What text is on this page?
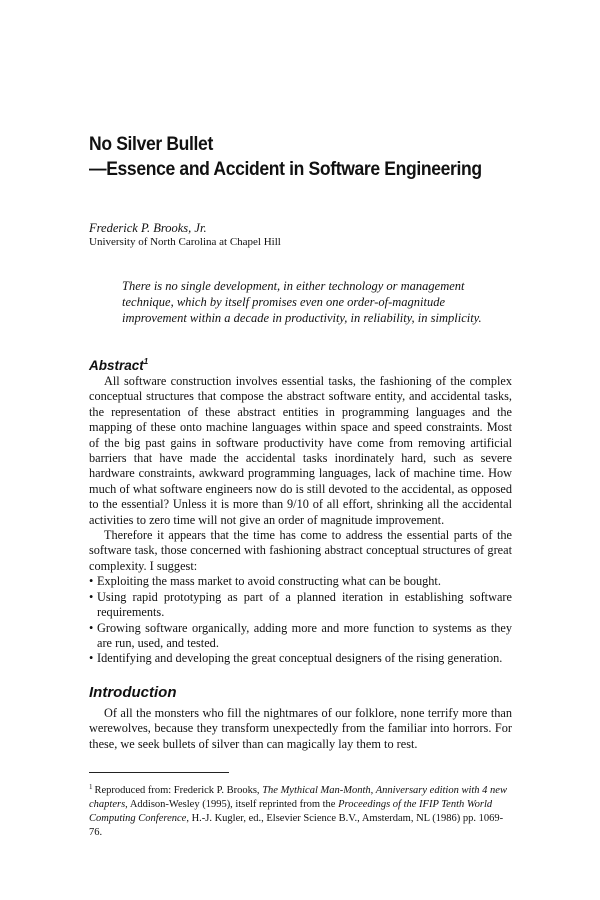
No Silver Bullet
—Essence and Accident in Software Engineering
Frederick P. Brooks, Jr.
University of North Carolina at Chapel Hill
There is no single development, in either technology or management
technique, which by itself promises even one order-of-magnitude
improvement within a decade in productivity, in reliability, in simplicity.
Abstract$^1$

All software construction involves essential tasks, the fashioning of the complex conceptual structures that compose the abstract software entity, and accidental tasks, the representation of these abstract entities in programming languages and the mapping of these onto machine languages within space and speed constraints. Most of the big past gains in software productivity have come from removing artificial barriers that have made the accidental tasks inordinately hard, such as severe hardware constraints, awkward programming languages, lack of machine time. How much of what software engineers now do is still devoted to the accidental, as opposed to the essential? Unless it is more than 9/10 of all effort, shrinking all the accidental activities to zero time will not give an order of magnitude improvement.

Therefore it appears that the time has come to address the essential parts of the software task, those concerned with fashioning abstract conceptual structures of great complexity. I suggest:

• Exploiting the mass market to avoid constructing what can be bought.
• Using rapid prototyping as part of a planned iteration in establishing software requirements.
• Growing software organically, adding more and more function to systems as they are run, used, and tested.
• Identifying and developing the great conceptual designers of the rising generation.
Introduction

Of all the monsters who fill the nightmares of our folklore, none terrify more than werewolves, because they transform unexpectedly from the familiar into horrors. For these, we seek bullets of silver than can magically lay them to rest.

$^1$ Reproduced from: Frederick P. Brooks, The Mythical Man-Month, Anniversary edition with 4 new chapters, Addison-Wesley (1995), itself reprinted from the Proceedings of the IFIP Tenth World Computing Conference, H.-J. Kugler, ed., Elsevier Science B.V., Amsterdam, NL (1986) pp. 1069-76.
